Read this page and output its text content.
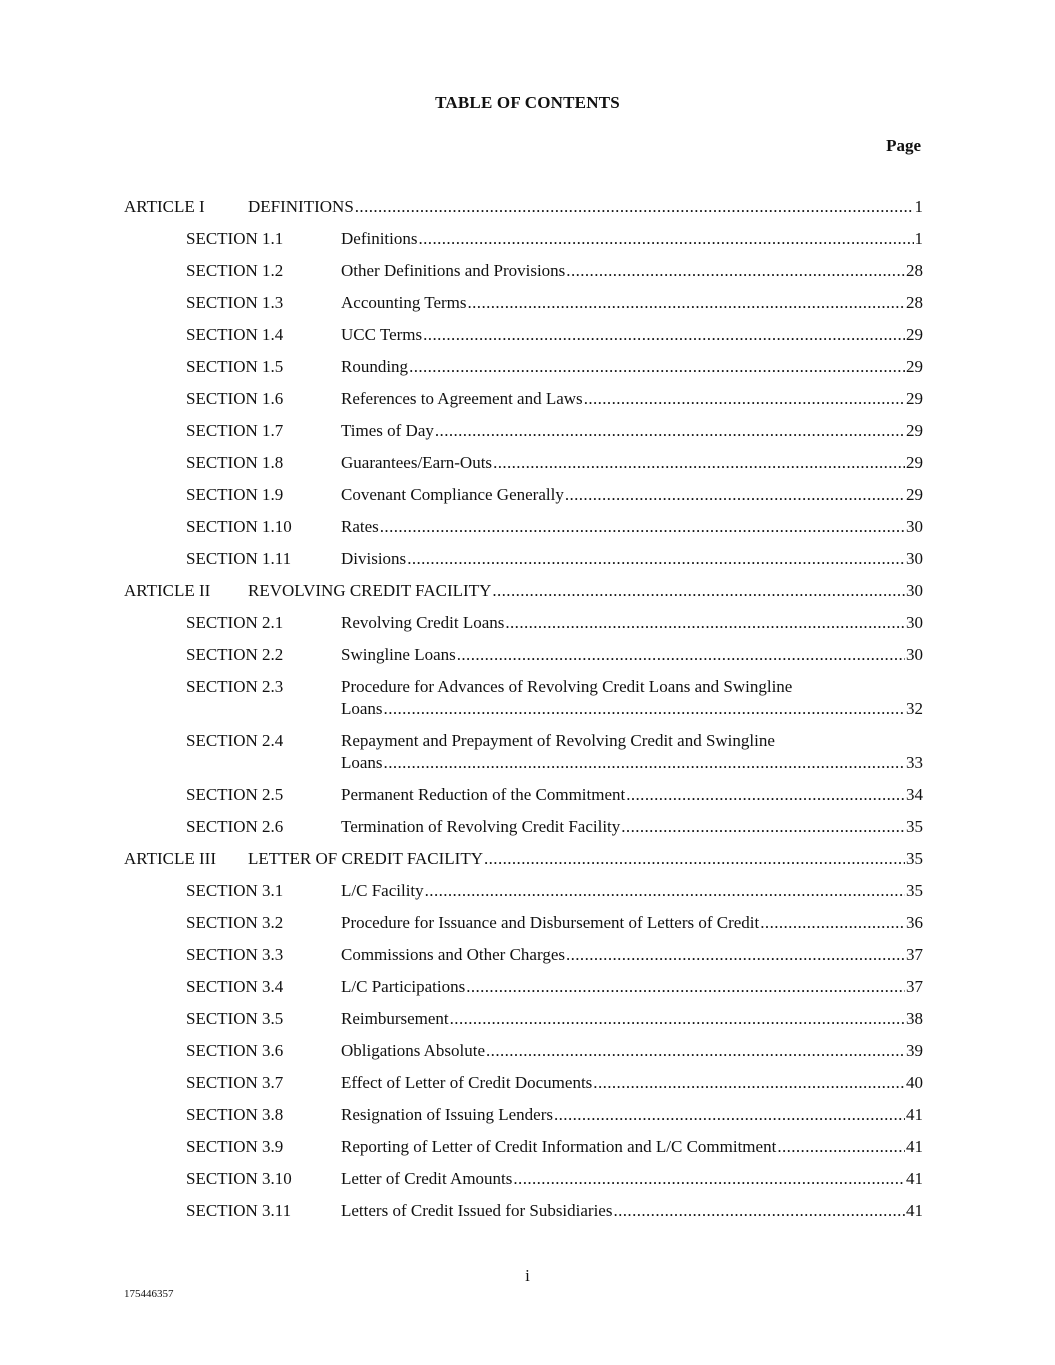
TABLE OF CONTENTS
Page
ARTICLE I	DEFINITIONS .....	1
SECTION 1.1	Definitions .....	1
SECTION 1.2	Other Definitions and Provisions .....	28
SECTION 1.3	Accounting Terms .....	28
SECTION 1.4	UCC Terms .....	29
SECTION 1.5	Rounding .....	29
SECTION 1.6	References to Agreement and Laws .....	29
SECTION 1.7	Times of Day .....	29
SECTION 1.8	Guarantees/Earn-Outs .....	29
SECTION 1.9	Covenant Compliance Generally .....	29
SECTION 1.10	Rates .....	30
SECTION 1.11	Divisions .....	30
ARTICLE II REVOLVING CREDIT FACILITY .....	30
SECTION 2.1	Revolving Credit Loans .....	30
SECTION 2.2	Swingline Loans .....	30
SECTION 2.3	Procedure for Advances of Revolving Credit Loans and Swingline
Loans .....	32
SECTION 2.4	Repayment and Prepayment of Revolving Credit and Swingline
Loans .....	33
SECTION 2.5	Permanent Reduction of the Commitment .....	34
SECTION 2.6	Termination of Revolving Credit Facility .....	35
ARTICLE III LETTER OF CREDIT FACILITY .....	35
SECTION 3.1	L/C Facility .....	35
SECTION 3.2	Procedure for Issuance and Disbursement of Letters of Credit .....	36
SECTION 3.3	Commissions and Other Charges .....	37
SECTION 3.4	L/C Participations .....	37
SECTION 3.5	Reimbursement .....	38
SECTION 3.6	Obligations Absolute .....	39
SECTION 3.7	Effect of Letter of Credit Documents .....	40
SECTION 3.8	Resignation of Issuing Lenders .....	41
SECTION 3.9	Reporting of Letter of Credit Information and L/C Commitment .....	41
SECTION 3.10	Letter of Credit Amounts .....	41
SECTION 3.11	Letters of Credit Issued for Subsidiaries .....	41
i
175446357
